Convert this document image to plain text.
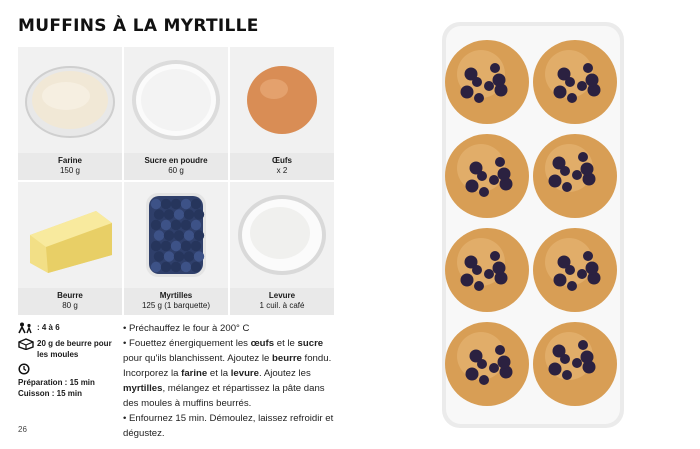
MUFFINS À LA MYRTILLE
Farine
150 g
Sucre en poudre
60 g
Œufs
x 2
Beurre
80 g
Myrtilles
125 g (1 barquette)
Levure
1 cuil. à café
: 4 à 6
20 g de beurre pour les moules
Préparation : 15 min
Cuisson : 15 min

• Préchauffez le four à 200° C

• Fouettez énergiquement les œufs et le sucre pour qu'ils blanchissent. Ajoutez le beurre fondu. Incorporez la farine et la levure. Ajoutez les myrtilles, mélangez et répartissez la pâte dans des moules à muffins beurrés.

• Enfournez 15 min. Démoulez, laissez refroidir et dégustez.

26
